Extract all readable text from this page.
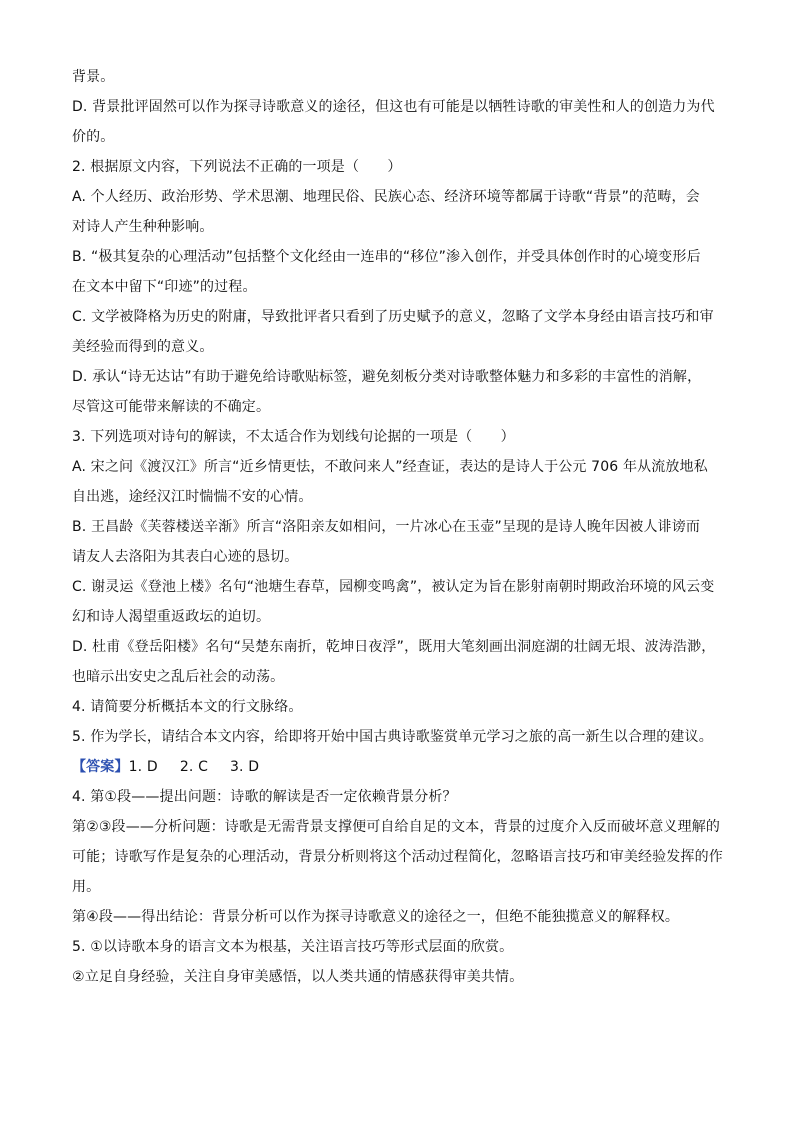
背景。
D. 背景批评固然可以作为探寻诗歌意义的途径，但这也有可能是以牺牲诗歌的审美性和人的创造力为代
价的。
2. 根据原文内容，下列说法不正确的一项是（　　）
A. 个人经历、政治形势、学术思潮、地理民俗、民族心态、经济环境等都属于诗歌“背景”的范畴，会
对诗人产生种种影响。
B. “极其复杂的心理活动”包括整个文化经由一连串的“移位”渗入创作，并受具体创作时的心境变形后
在文本中留下“印迹”的过程。
C. 文学被降格为历史的附庸，导致批评者只看到了历史赋予的意义，忽略了文学本身经由语言技巧和审
美经验而得到的意义。
D. 承认“诗无达诂”有助于避免给诗歌贴标签，避免刻板分类对诗歌整体魅力和多彩的丰富性的消解，
尽管这可能带来解读的不确定。
3. 下列选项对诗句的解读，不太适合作为划线句论据的一项是（　　）
A. 宋之问《渡汉江》所言“近乡情更怯，不敢问来人”经查证，表达的是诗人于公元 706 年从流放地私
自出逃，途经汉江时惴惴不安的心情。
B. 王昌龄《芙蓉楼送辛渐》所言“洛阳亲友如相问，一片冰心在玉壶”呈现的是诗人晚年因被人诽谤而
请友人去洛阳为其表白心迹的恳切。
C. 谢灵运《登池上楼》名句“池塘生春草，园柳变鸣禽”，被认定为旨在影射南朝时期政治环境的风云变
幻和诗人渴望重返政坛的迫切。
D. 杜甫《登岳阳楼》名句“吴楚东南折，乾坤日夜浮”，既用大笔刻画出洞庭湖的壮阔无垠、波涛浩渺，
也暗示出安史之乱后社会的动荡。
4. 请简要分析概括本文的行文脉络。
5. 作为学长，请结合本文内容，给即将开始中国古典诗歌鉴赏单元学习之旅的高一新生以合理的建议。
【答案】1. D 2. C 3. D
4. 第①段——提出问题：诗歌的解读是否一定依赖背景分析？
第②③段——分析问题：诗歌是无需背景支撑便可自给自足的文本，背景的过度介入反而破坏意义理解的
可能；诗歌写作是复杂的心理活动，背景分析则将这个活动过程简化，忽略语言技巧和审美经验发挥的作
用。
第④段——得出结论：背景分析可以作为探寻诗歌意义的途径之一，但绝不能独揽意义的解释权。
5. ①以诗歌本身的语言文本为根基，关注语言技巧等形式层面的欣赏。
②立足自身经验，关注自身审美感悟，以人类共通的情感获得审美共情。
